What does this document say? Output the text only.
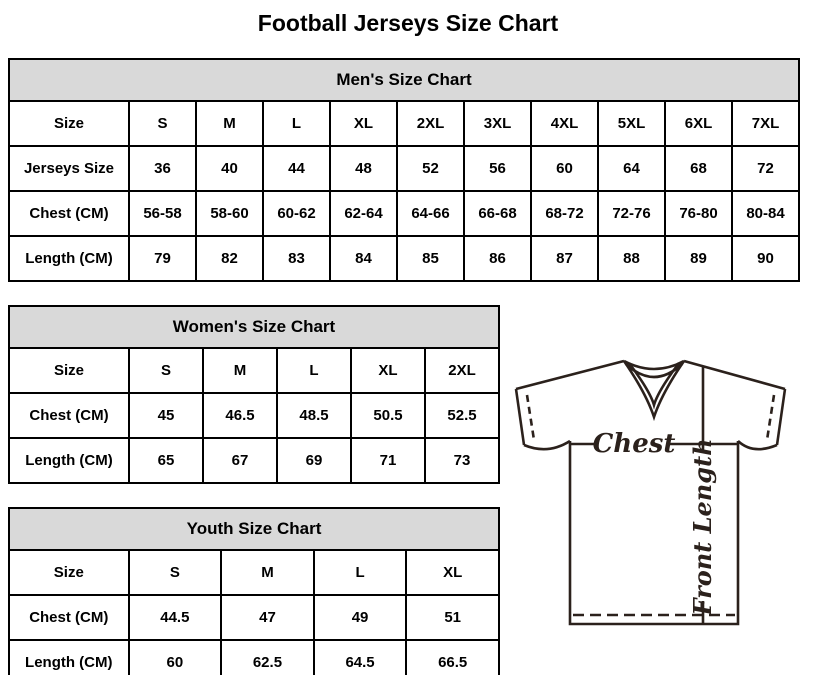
Football Jerseys Size Chart
Men's Size Chart										
Size	S	M	L	XL	2XL	3XL	4XL	5XL	6XL	7XL
Jerseys Size	36	40	44	48	52	56	60	64	68	72
Chest (CM)	56-58	58-60	60-62	62-64	64-66	66-68	68-72	72-76	76-80	80-84
Length (CM)	79	82	83	84	85	86	87	88	89	90
Women's Size Chart					
Size	S	M	L	XL	2XL
Chest (CM)	45	46.5	48.5	50.5	52.5
Length (CM)	65	67	69	71	73
Youth Size Chart				
Size	S	M	L	XL
Chest (CM)	44.5	47	49	51
Length (CM)	60	62.5	64.5	66.5
Chest Front Length
